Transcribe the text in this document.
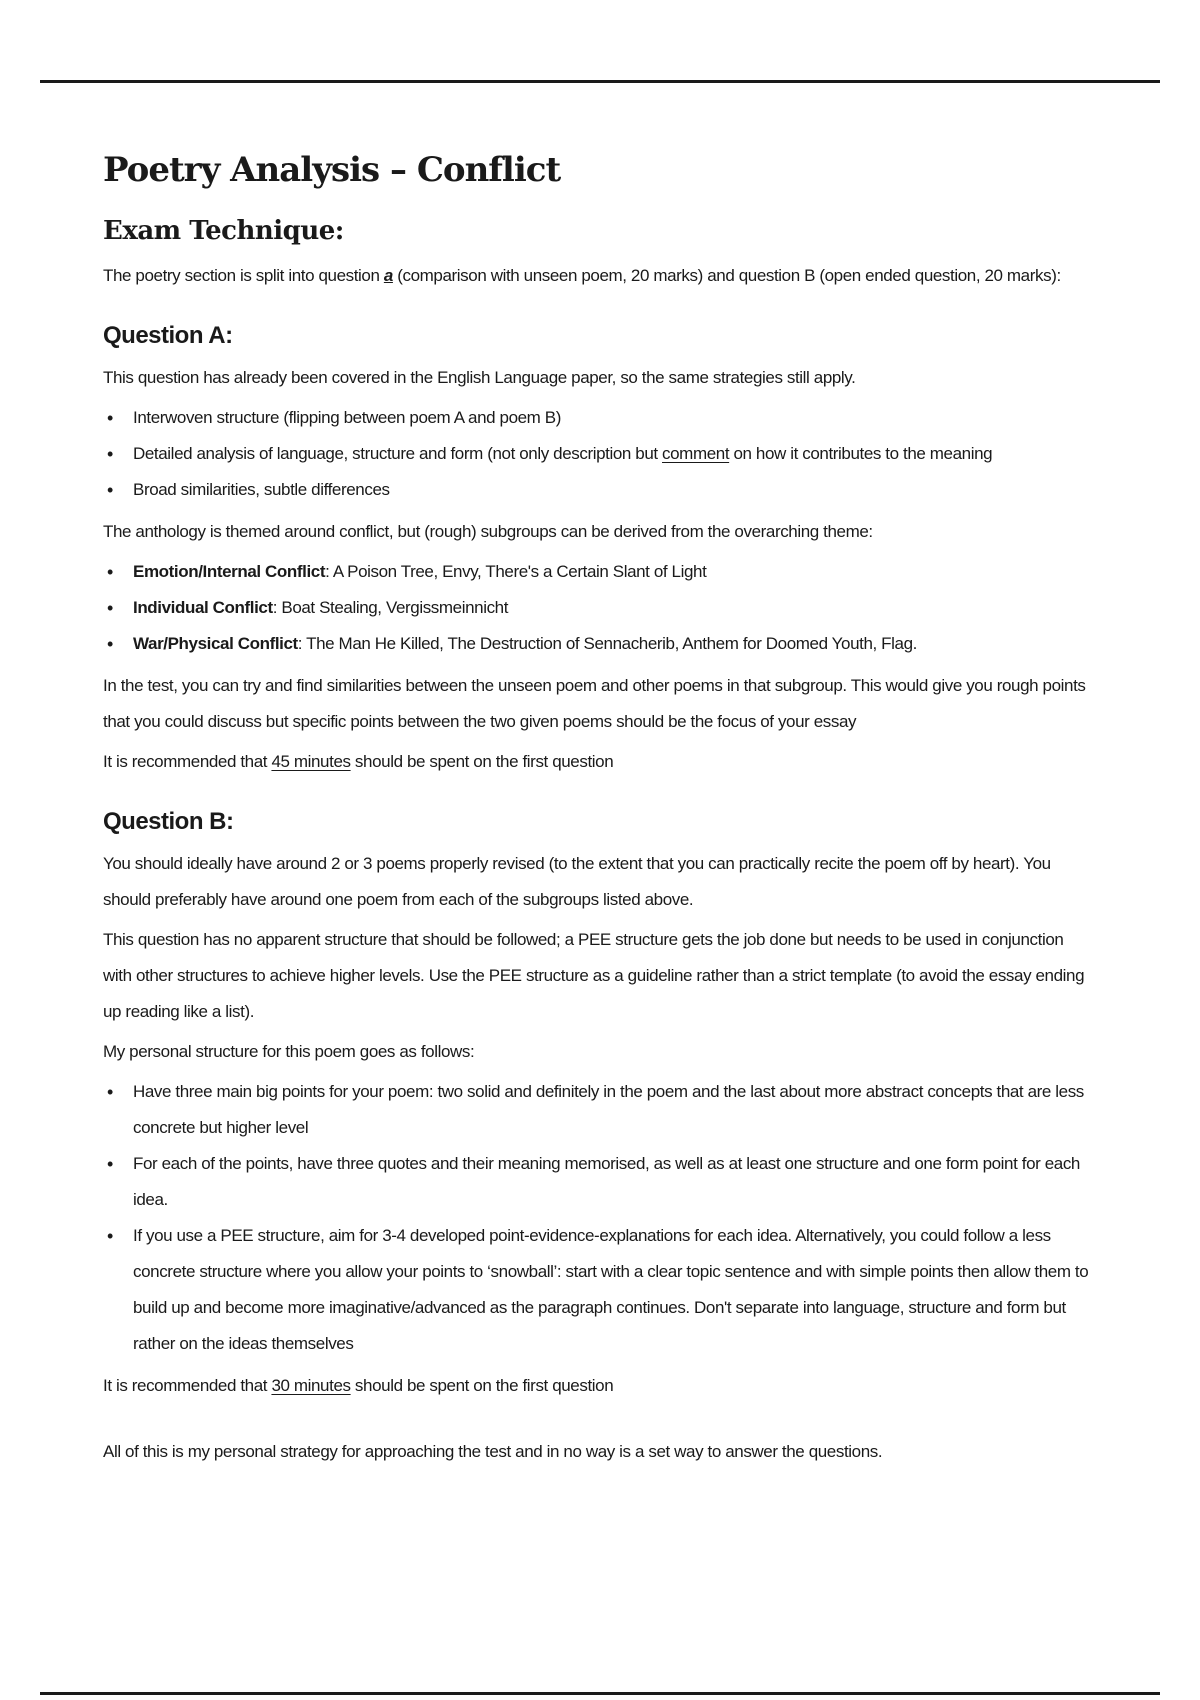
Poetry Analysis – Conflict
Exam Technique:

The poetry section is split into question a (comparison with unseen poem, 20 marks) and question B (open ended question, 20 marks):

Question A:

This question has already been covered in the English Language paper, so the same strategies still apply.

• Interwoven structure (flipping between poem A and poem B)
• Detailed analysis of language, structure and form (not only description but comment on how it contributes to the meaning
• Broad similarities, subtle differences

The anthology is themed around conflict, but (rough) subgroups can be derived from the overarching theme:

• Emotion/Internal Conflict: A Poison Tree, Envy, There's a Certain Slant of Light
• Individual Conflict: Boat Stealing, Vergissmeinnicht
• War/Physical Conflict: The Man He Killed, The Destruction of Sennacherib, Anthem for Doomed Youth, Flag.

In the test, you can try and find similarities between the unseen poem and other poems in that subgroup. This would give you rough points that you could discuss but specific points between the two given poems should be the focus of your essay

It is recommended that 45 minutes should be spent on the first question

Question B:

You should ideally have around 2 or 3 poems properly revised (to the extent that you can practically recite the poem off by heart). You should preferably have around one poem from each of the subgroups listed above.

This question has no apparent structure that should be followed; a PEE structure gets the job done but needs to be used in conjunction with other structures to achieve higher levels. Use the PEE structure as a guideline rather than a strict template (to avoid the essay ending up reading like a list).

My personal structure for this poem goes as follows:

• Have three main big points for your poem: two solid and definitely in the poem and the last about more abstract concepts that are less concrete but higher level
• For each of the points, have three quotes and their meaning memorised, as well as at least one structure and one form point for each idea.
• If you use a PEE structure, aim for 3-4 developed point-evidence-explanations for each idea. Alternatively, you could follow a less concrete structure where you allow your points to ‘snowball’: start with a clear topic sentence and with simple points then allow them to build up and become more imaginative/advanced as the paragraph continues. Don't separate into language, structure and form but rather on the ideas themselves

It is recommended that 30 minutes should be spent on the first question

All of this is my personal strategy for approaching the test and in no way is a set way to answer the questions.
